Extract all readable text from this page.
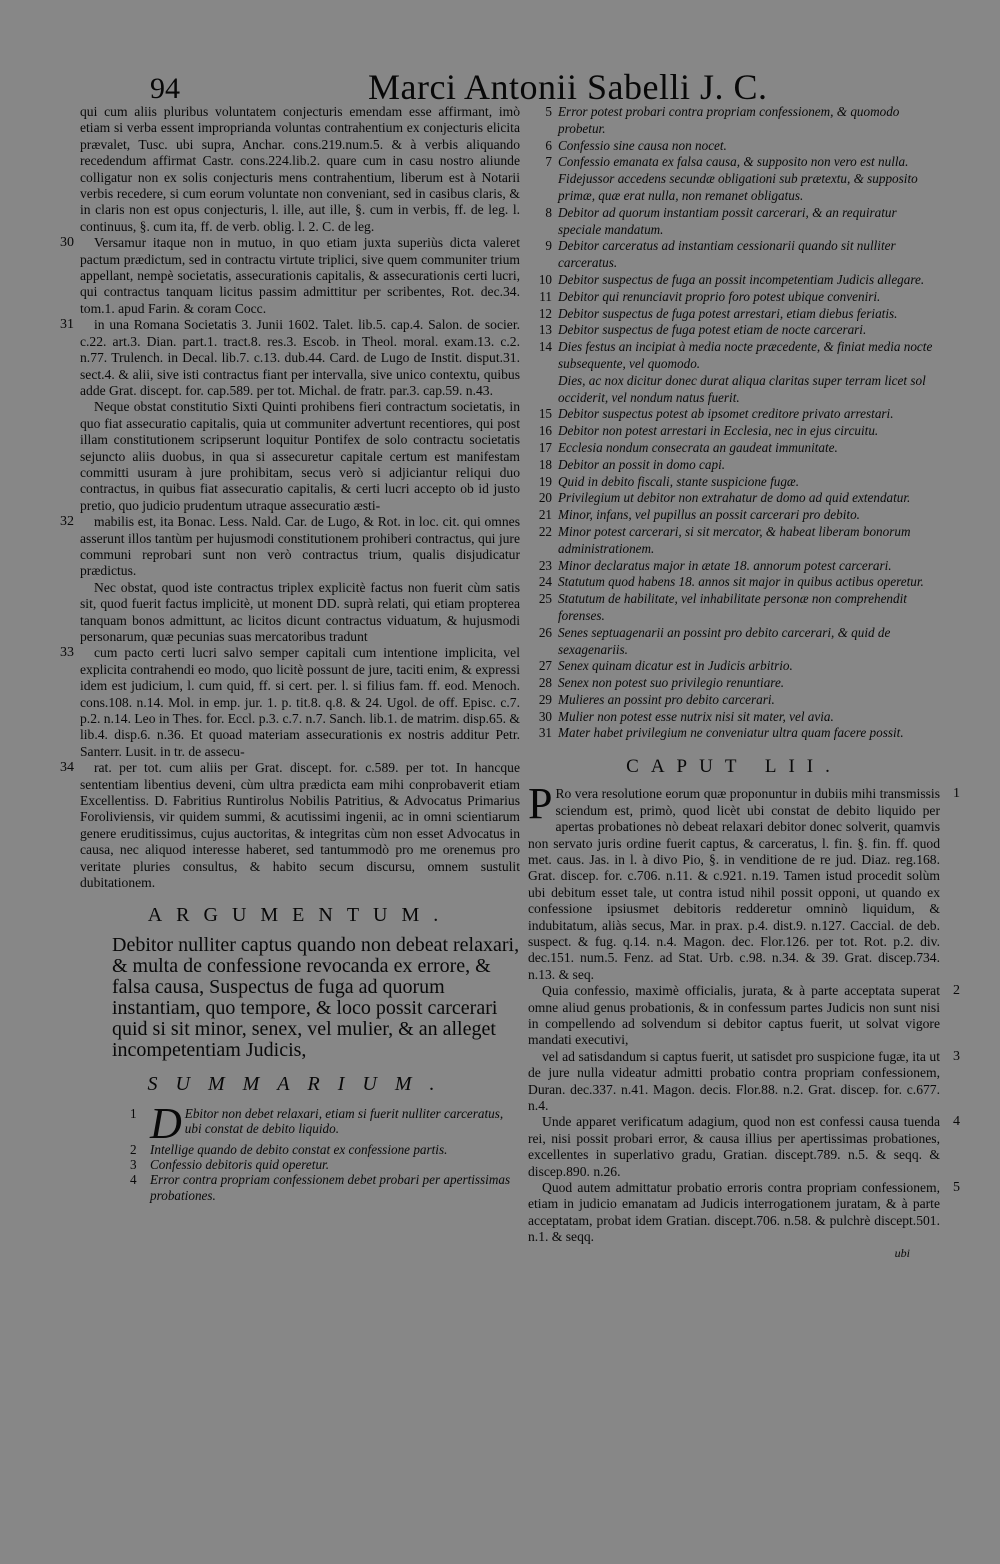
94	Marci Antonii Sabelli J. C.

qui cum aliis pluribus voluntatem conjecturis emendam esse affirmant, imò etiam si verba essent improprianda voluntas contrahentium ex conjecturis elicita prævalet, Tusc. ubi supra, Anchar. cons.219.num.5. & à verbis aliquando recedendum affirmat Castr. cons.224.lib.2. quare cum in casu nostro aliunde colligatur non ex solis conjecturis mens contrahentium, liberum est à Notarii verbis recedere, si cum eorum voluntate non conveniant, sed in casibus claris, & in claris non est opus conjecturis, l. ille, aut ille, §. cum in verbis, ff. de leg. l. continuus, §. cum ita, ff. de verb. oblig. l. 2. C. de leg.

30 Versamur itaque non in mutuo, in quo etiam juxta superiùs dicta valeret pactum prædictum, sed in contractu virtute triplici, sive quem communiter trium appellant, nempè societatis, assecurationis capitalis, & assecurationis certi lucri, qui contractus tanquam licitus passim admittitur per scribentes, Rot. dec.34. tom.1. apud Farin. & coram Cocc.

31 in una Romana Societatis 3. Junii 1602. Talet. lib.5. cap.4. Salon. de socier. c.22. art.3. Dian. part.1. tract.8. res.3. Escob. in Theol. moral. exam.13. c.2. n.77. Trulench. in Decal. lib.7. c.13. dub.44. Card. de Lugo de Instit. disput.31. sect.4. & alii, sive isti contractus fiant per intervalla, sive unico contextu, quibus adde Grat. discept. for. cap.589. per tot. Michal. de fratr. par.3. cap.59. n.43.

Neque obstat constitutio Sixti Quinti prohibens fieri contractum societatis, in quo fiat assecuratio capitalis, quia ut communiter advertunt recentiores, qui post illam constitutionem scripserunt loquitur Pontifex de solo contractu societatis sejuncto aliis duobus, in qua si assecuretur capitale certum est manifestam committi usuram à jure prohibitam, secus verò si adjiciantur reliqui duo contractus, in quibus fiat assecuratio capitalis, & certi lucri accepto ob id justo pretio, quo judicio prudentum utraque assecuratio æsti-

32 mabilis est, ita Bonac. Less. Nald. Car. de Lugo, & Rot. in loc. cit. qui omnes asserunt illos tantùm per hujusmodi constitutionem prohiberi contractus, qui jure communi reprobari sunt non verò contractus trium, qualis disjudicatur prædictus.

Nec obstat, quod iste contractus triplex explicitè factus non fuerit cùm satis sit, quod fuerit factus implicitè, ut monent DD. suprà relati, qui etiam propterea tanquam bonos admittunt, ac licitos dicunt contractus viduatum, & hujusmodi personarum, quæ pecunias suas mercatoribus tradunt

33 cum pacto certi lucri salvo semper capitali cum intentione implicita, vel explicita contrahendi eo modo, quo licitè possunt de jure, taciti enim, & expressi idem est judicium, l. cum quid, ff. si cert. per. l. si filius fam. ff. eod. Menoch. cons.108. n.14. Mol. in emp. jur. 1. p. tit.8. q.8. & 24. Ugol. de off. Episc. c.7. p.2. n.14. Leo in Thes. for. Eccl. p.3. c.7. n.7. Sanch. lib.1. de matrim. disp.65. & lib.4. disp.6. n.36. Et quoad materiam assecurationis ex nostris additur Petr. Santerr. Lusit. in tr. de assecu-

34 rat. per tot. cum aliis per Grat. discept. for. c.589. per tot. In hancque sententiam libentius deveni, cùm ultra prædicta eam mihi conprobaverit etiam Excellentiss. D. Fabritius Runtirolus Nobilis Patritius, & Advocatus Primarius Foroliviensis, vir quidem summi, & acutissimi ingenii, ac in omni scientiarum genere eruditissimus, cujus auctoritas, & integritas cùm non esset Advocatus in causa, nec aliquod interesse haberet, sed tantummodò pro me orenemus pro veritate pluries consultus, & habito secum discursu, omnem sustulit dubitationem.

ARGUMENTUM.
Debitor nulliter captus quando non debeat relaxari, & multa de confessione revocanda ex errore, & falsa causa, Suspectus de fuga ad quorum instantiam, quo tempore, & loco possit carcerari quid si sit minor, senex, vel mulier, & an alleget incompetentiam Judicis,
SUMMARIUM.

1 D Ebitor non debet relaxari, etiam si fuerit nulliter carceratus, ubi constat de debito liquido.

2 Intellige quando de debito constat ex confessione partis.

3 Confessio debitoris quid operetur.

4 Error contra propriam confessionem debet probari per apertissimas probationes.

5 Error potest probari contra propriam confessionem, & quomodo probetur.

6 Confessio sine causa non nocet.

7 Confessio emanata ex falsa causa, & supposito non vero est nulla.

Fidejussor accedens secundæ obligationi sub prætextu, & supposito primæ, quæ erat nulla, non remanet obligatus.

8 Debitor ad quorum instantiam possit carcerari, & an requiratur speciale mandatum.

9 Debitor carceratus ad instantiam cessionarii quando sit nulliter carceratus.

10 Debitor suspectus de fuga an possit incompetentiam Judicis allegare.

11 Debitor qui renunciavit proprio foro potest ubique conveniri.

12 Debitor suspectus de fuga potest arrestari, etiam diebus feriatis.

13 Debitor suspectus de fuga potest etiam de nocte carcerari.

14 Dies festus an incipiat à media nocte præcedente, & finiat media nocte subsequente, vel quomodo.

Dies, ac nox dicitur donec durat aliqua claritas super terram licet sol occiderit, vel nondum natus fuerit.

15 Debitor suspectus potest ab ipsomet creditore privato arrestari.

16 Debitor non potest arrestari in Ecclesia, nec in ejus circuitu.

17 Ecclesia nondum consecrata an gaudeat immunitate.

18 Debitor an possit in domo capi.

19 Quid in debito fiscali, stante suspicione fugæ.

20 Privilegium ut debitor non extrahatur de domo ad quid extendatur.

21 Minor, infans, vel pupillus an possit carcerari pro debito.

22 Minor potest carcerari, si sit mercator, & habeat liberam bonorum administrationem.

23 Minor declaratus major in ætate 18. annorum potest carcerari.

24 Statutum quod habens 18. annos sit major in quibus actibus operetur.

25 Statutum de habilitate, vel inhabilitate personæ non comprehendit forenses.

26 Senes septuagenarii an possint pro debito carcerari, & quid de sexagenariis.

27 Senex quinam dicatur est in Judicis arbitrio.

28 Senex non potest suo privilegio renuntiare.

29 Mulieres an possint pro debito carcerari.

30 Mulier non potest esse nutrix nisi sit mater, vel avia.

31 Mater habet privilegium ne conveniatur ultra quam facere possit.

CAPUT LII.

1
P Ro vera resolutione eorum quæ proponuntur in dubiis mihi transmissis sciendum est, primò, quod licèt ubi constat de debito liquido per apertas probationes nò debeat relaxari debitor donec solverit, quamvis non servato juris ordine fuerit captus, & carceratus, l. fin. §. fin. ff. quod met. caus. Jas. in l. à divo Pio, §. in venditione de re jud. Diaz. reg.168. Grat. discep. for. c.706. n.11. & c.921. n.19. Tamen istud procedit solùm ubi debitum esset tale, ut contra istud nihil possit opponi, ut quando ex confessione ipsiusmet debitoris redderetur omninò liquidum, & indubitatum, aliàs secus, Mar. in prax. p.4. dist.9. n.127. Caccial. de deb. suspect. & fug. q.14. n.4. Magon. dec. Flor.126. per tot. Rot. p.2. div. dec.151. num.5. Fenz. ad Stat. Urb. c.98. n.34. & 39. Grat. discep.734. n.13. & seq.

2
Quia confessio, maximè officialis, jurata, & à parte acceptata superat omne aliud genus probationis, & in confessum partes Judicis non sunt nisi in compellendo ad solvendum si debitor captus fuerit, ut solvat vigore mandati executivi,

3
vel ad satisdandum si captus fuerit, ut satisdet pro suspicione fugæ, ita ut de jure nulla videatur admitti probatio contra propriam confessionem, Duran. dec.337. n.41. Magon. decis. Flor.88. n.2. Grat. discep. for. c.677. n.4.

4
Unde apparet verificatum adagium, quod non est confessi causa tuenda rei, nisi possit probari error, & causa illius per apertissimas probationes, excellentes in superlativo gradu, Gratian. discept.789. n.5. & seqq. & discep.890. n.26.

5
Quod autem admittatur probatio erroris contra propriam confessionem, etiam in judicio emanatam ad Judicis interrogationem juratam, & à parte acceptatam, probat idem Gratian. discept.706. n.58. & pulchrè discept.501. n.1. & seqq.

ubi
